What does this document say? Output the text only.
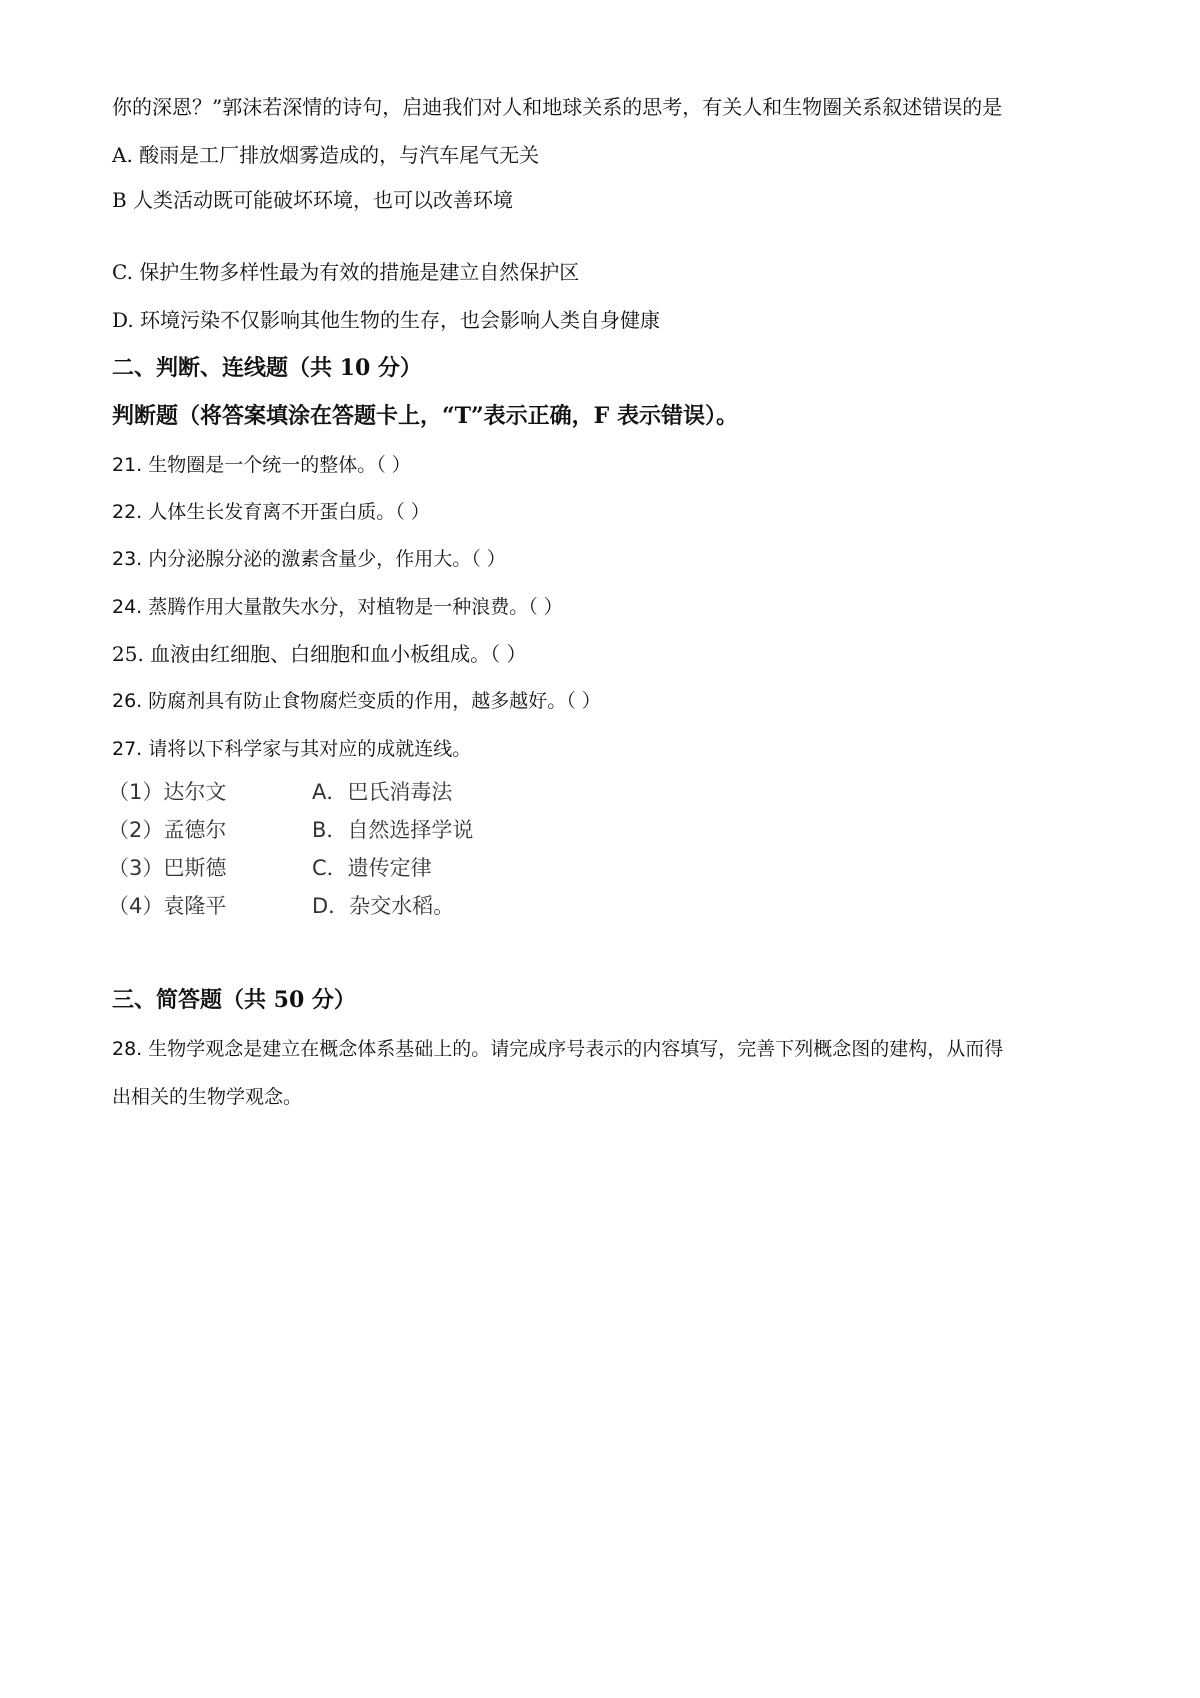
你的深恩？”郭沫若深情的诗句，启迪我们对人和地球关系的思考，有关人和生物圈关系叙述错误的是
A. 酸雨是工厂排放烟雾造成的，与汽车尾气无关
B 人类活动既可能破坏环境，也可以改善环境
C. 保护生物多样性最为有效的措施是建立自然保护区
D. 环境污染不仅影响其他生物的生存，也会影响人类自身健康
二、判断、连线题（共 10 分）
判断题（将答案填涂在答题卡上，“T”表示正确，F 表示错误）。
21. 生物圈是一个统一的整体。（ ）
22. 人体生长发育离不开蛋白质。（ ）
23. 内分泌腺分泌的激素含量少，作用大。（ ）
24. 蒸腾作用大量散失水分，对植物是一种浪费。（ ）
25. 血液由红细胞、白细胞和血小板组成。（ ）
26. 防腐剂具有防止食物腐烂变质的作用，越多越好。（ ）
27. 请将以下科学家与其对应的成就连线。
（1）达尔文
（2）孟德尔
（3）巴斯德
（4）袁隆平
A．巴氏消毒法
B．自然选择学说
C．遗传定律
D．杂交水稻。
三、简答题（共 50 分）
28. 生物学观念是建立在概念体系基础上的。请完成序号表示的内容填写，完善下列概念图的建构，从而得
出相关的生物学观念。
